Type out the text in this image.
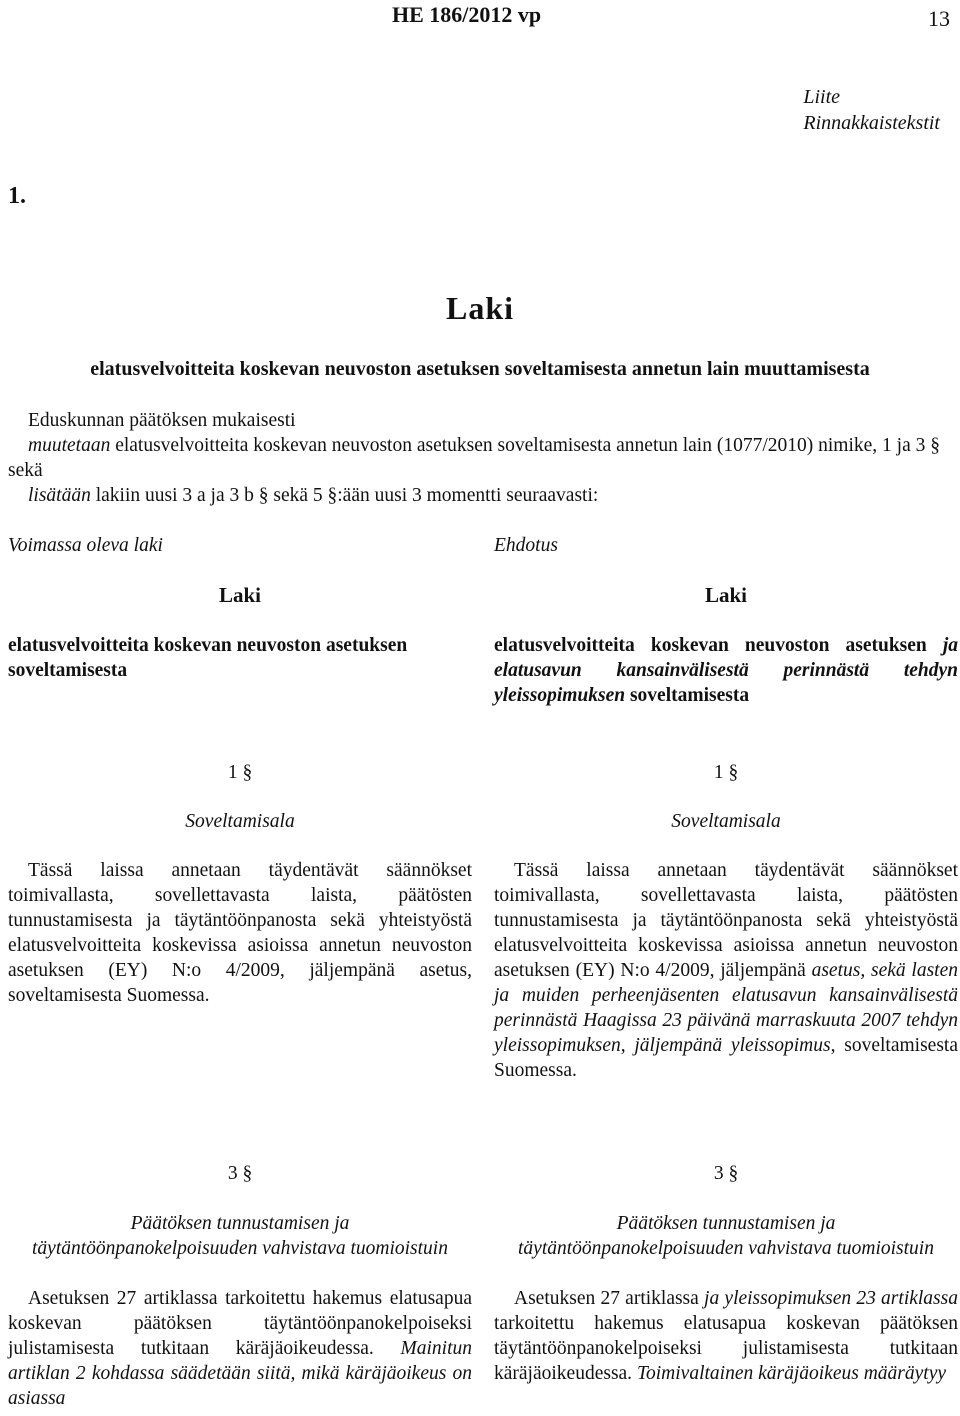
HE 186/2012 vp	13
Liite
Rinnakkaistekstit
1.
Laki
elatusvelvoitteita koskevan neuvoston asetuksen soveltamisesta annetun lain muuttamisesta

Eduskunnan päätöksen mukaisesti

muutetaan elatusvelvoitteita koskevan neuvoston asetuksen soveltamisesta annetun lain (1077/2010) nimike, 1 ja 3 § sekä

lisätään lakiin uusi 3 a ja 3 b § sekä 5 §:ään uusi 3 momentti seuraavasti:

Voimassa oleva laki
Laki
elatusvelvoitteita koskevan neuvoston asetuksen soveltamisesta
1 §
Soveltamisala
Tässä laissa annetaan täydentävät säännökset toimivallasta, sovellettavasta laista, päätösten tunnustamisesta ja täytäntöönpanosta sekä yhteistyöstä elatusvelvoitteita koskevissa asioissa annetun neuvoston asetuksen (EY) N:o 4/2009, jäljempänä asetus, soveltamisesta Suomessa.
3 §
Päätöksen tunnustamisen ja täytäntöönpanokelpoisuuden vahvistava tuomioistuin
Asetuksen 27 artiklassa tarkoitettu hakemus elatusapua koskevan päätöksen täytäntöönpanokelpoiseksi julistamisesta tutkitaan käräjäoikeudessa. Mainitun artiklan 2 kohdassa säädetään siitä, mikä käräjäoikeus on asiassa
Ehdotus
Laki
elatusvelvoitteita koskevan neuvoston asetuksen ja elatusavun kansainvälisestä perinnästä tehdyn yleissopimuksen soveltamisesta
1 §
Soveltamisala
Tässä laissa annetaan täydentävät säännökset toimivallasta, sovellettavasta laista, päätösten tunnustamisesta ja täytäntöönpanosta sekä yhteistyöstä elatusvelvoitteita koskevissa asioissa annetun neuvoston asetuksen (EY) N:o 4/2009, jäljempänä asetus, sekä lasten ja muiden perheenjäsenten elatusavun kansainvälisestä perinnästä Haagissa 23 päivänä marraskuuta 2007 tehdyn yleissopimuksen, jäljempänä yleissopimus, soveltamisesta Suomessa.
3 §
Päätöksen tunnustamisen ja täytäntöönpanokelpoisuuden vahvistava tuomioistuin
Asetuksen 27 artiklassa ja yleissopimuksen 23 artiklassa tarkoitettu hakemus elatusapua koskevan päätöksen täytäntöönpanokelpoiseksi julistamisesta tutkitaan käräjäoikeudessa. Toimivaltainen käräjäoikeus määräytyy
